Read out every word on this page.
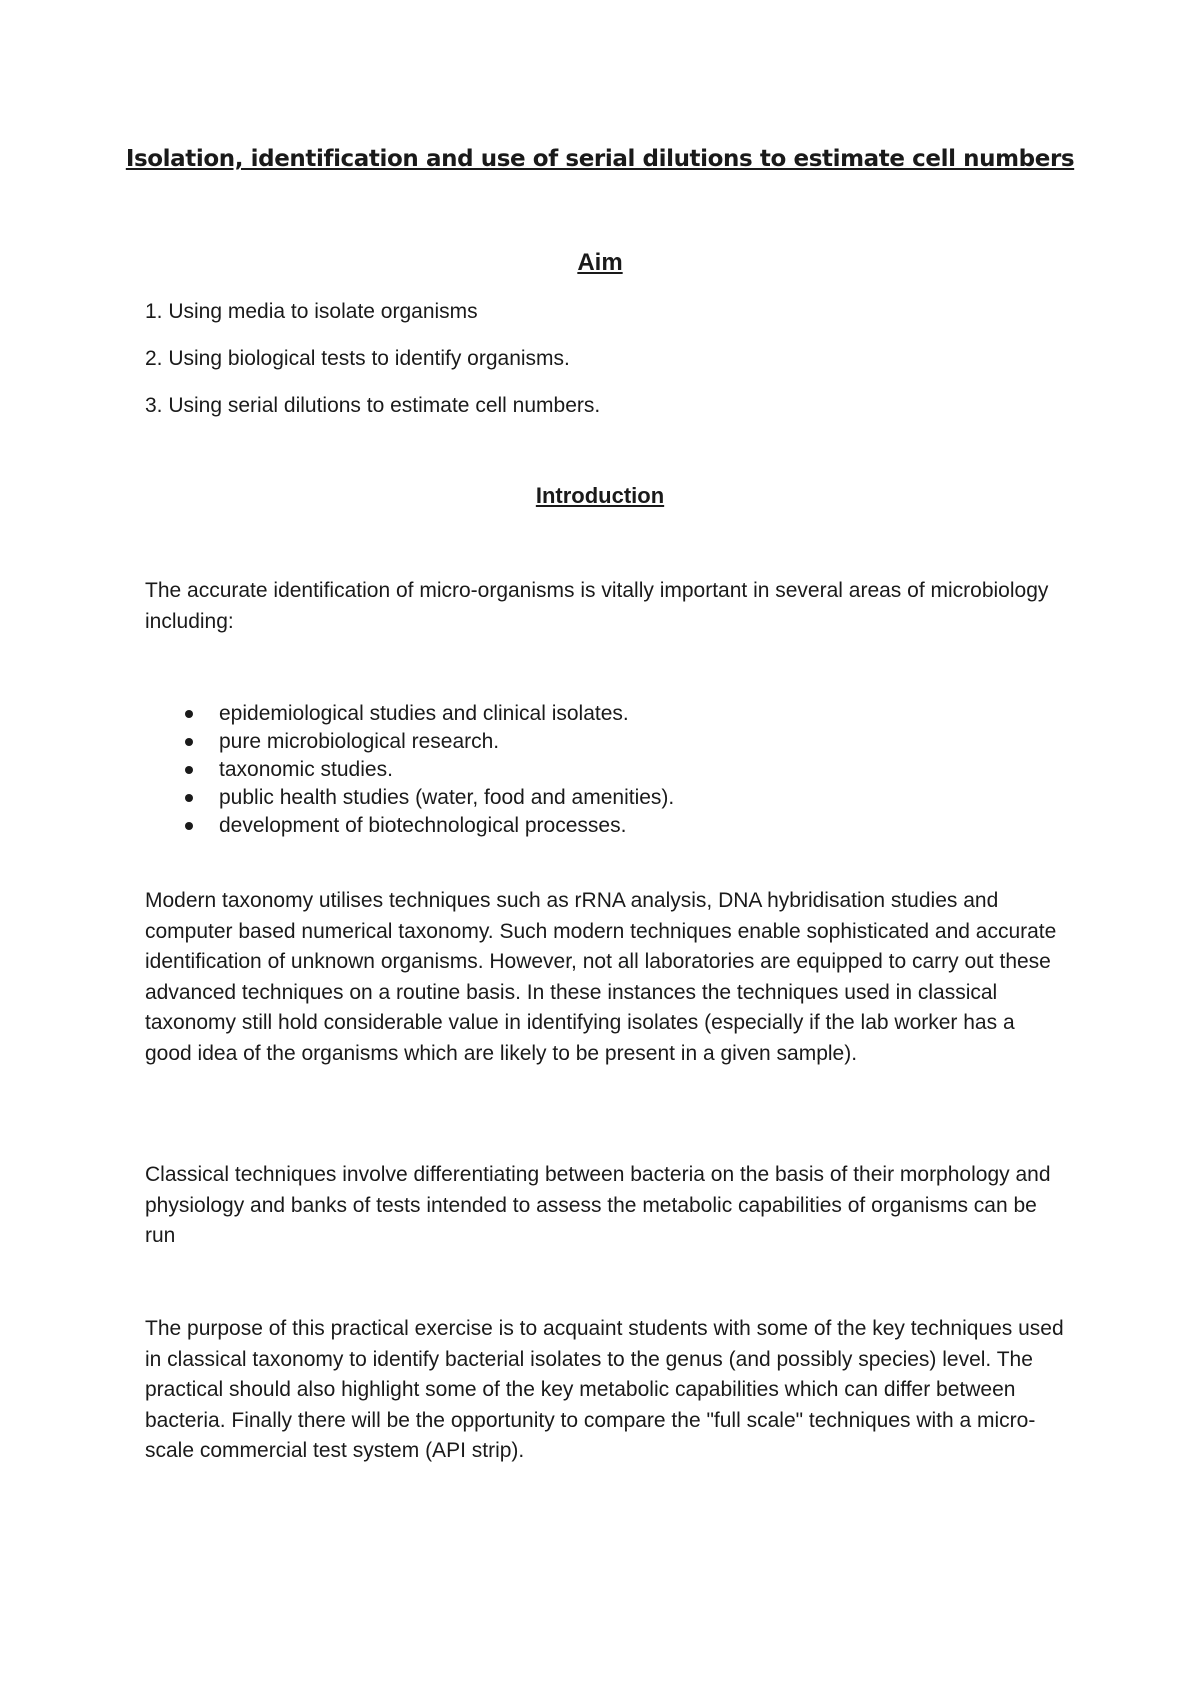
Isolation, identification and use of serial dilutions to estimate cell numbers
Aim
1. Using media to isolate organisms
2. Using biological tests to identify organisms.
3. Using serial dilutions to estimate cell numbers.
Introduction

The accurate identification of micro-organisms is vitally important in several areas of microbiology including:

epidemiological studies and clinical isolates.
pure microbiological research.
taxonomic studies.
public health studies (water, food and amenities).
development of biotechnological processes.

Modern taxonomy utilises techniques such as rRNA analysis, DNA hybridisation studies and computer based numerical taxonomy. Such modern techniques enable sophisticated and accurate identification of unknown organisms. However, not all laboratories are equipped to carry out these advanced techniques on a routine basis. In these instances the techniques used in classical taxonomy still hold considerable value in identifying isolates (especially if the lab worker has a good idea of the organisms which are likely to be present in a given sample).

Classical techniques involve differentiating between bacteria on the basis of their morphology and physiology and banks of tests intended to assess the metabolic capabilities of organisms can be run

The purpose of this practical exercise is to acquaint students with some of the key techniques used in classical taxonomy to identify bacterial isolates to the genus (and possibly species) level. The practical should also highlight some of the key metabolic capabilities which can differ between bacteria. Finally there will be the opportunity to compare the "full scale" techniques with a micro-scale commercial test system (API strip).
